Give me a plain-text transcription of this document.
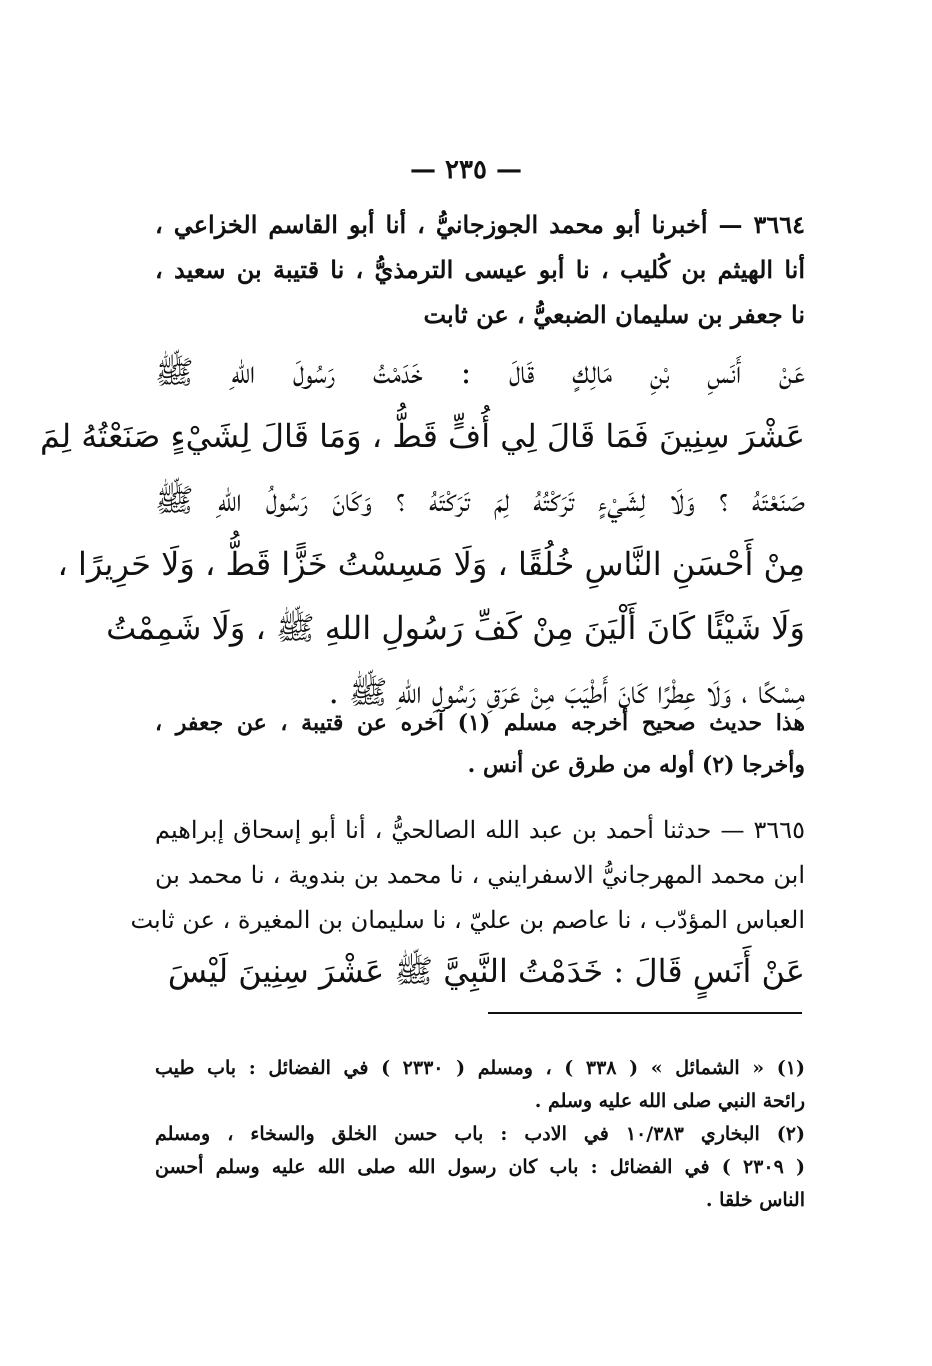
— ٢٣٥ —
٣٦٦٤ — أخبرنا أبو محمد الجوزجانيُّ ، أنا أبو القاسم الخزاعي ،
أنا الهيثم بن كُليب ، نا أبو عيسى الترمذيُّ ، نا قتيبة بن سعيد ،
نا جعفر بن سليمان الضبعيُّ ، عن ثابت
عَنْ أَنَسِ بْنِ مَالِكٍ قَالَ : خَدَمْتُ رَسُولَ اللهِ ﷺ
عَشْرَ سِنِينَ فَمَا قَالَ لِي أُفٍّ قَطُّ ، وَمَا قَالَ لِشَيْءٍ صَنَعْتُهُ لِمَ
صَنَعْتَهُ ؟ وَلَا لِشَيْءٍ تَرَكْتُهُ لِمَ تَرَكْتَهُ ؟ وَكَانَ رَسُولُ اللهِ ﷺ
مِنْ أَحْسَنِ النَّاسِ خُلُقًا ، وَلَا مَسِسْتُ خَزًّا قَطُّ ، وَلَا حَرِيرًا ،
وَلَا شَيْئًا كَانَ أَلْيَنَ مِنْ كَفِّ رَسُولِ اللهِ ﷺ ، وَلَا شَمِمْتُ
مِسْكًا ، وَلَا عِطْرًا كَانَ أَطْيَبَ مِنْ عَرَقِ رَسُولِ اللهِ ﷺ .
هذا حديث صحيح أخرجه مسلم (١) آخره عن قتيبة ، عن جعفر ،
وأخرجا (٢) أوله من طرق عن أنس .
٣٦٦٥ — حدثنا أحمد بن عبد الله الصالحيُّ ، أنا أبو إسحاق إبراهيم
ابن محمد المهرجانيُّ الاسفرايني ، نا محمد بن بندوية ، نا محمد بن
العباس المؤدّب ، نا عاصم بن عليّ ، نا سليمان بن المغيرة ، عن ثابت
عَنْ أَنَسٍ قَالَ : خَدَمْتُ النَّبِيَّ ﷺ عَشْرَ سِنِينَ لَيْسَ
(١) « الشمائل » ( ٣٣٨ ) ، ومسلم ( ٢٣٣٠ ) في الفضائل : باب طيب
رائحة النبي صلى الله عليه وسلم .
(٢) البخاري ١٠/٣٨٣ في الادب : باب حسن الخلق والسخاء ، ومسلم
( ٢٣٠٩ ) في الفضائل : باب كان رسول الله صلى الله عليه وسلم أحسن
الناس خلقا .
